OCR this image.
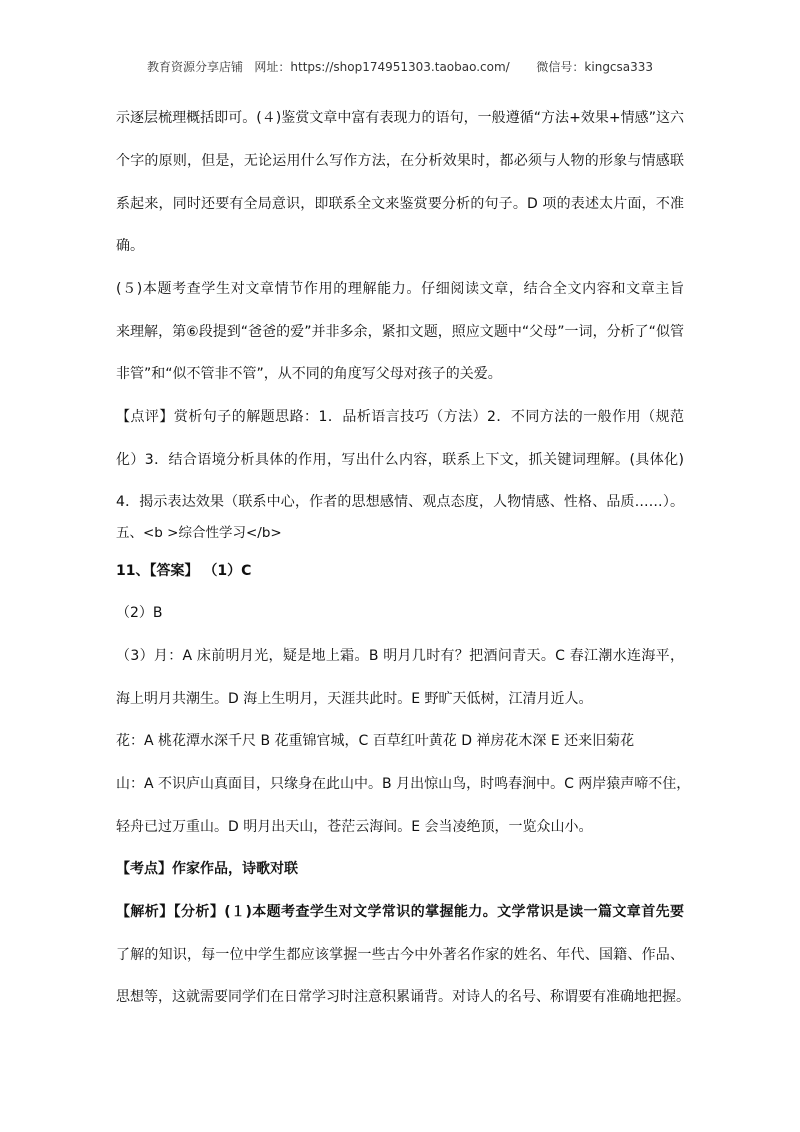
教育资源分享店铺   网址：https://shop174951303.taobao.com/       微信号：kingcsa333
示逐层梳理概括即可。(４)鉴赏文章中富有表现力的语句，一般遵循“方法+效果+情感”这六
个字的原则，但是，无论运用什么写作方法，在分析效果时，都必须与人物的形象与情感联
系起来，同时还要有全局意识，即联系全文来鉴赏要分析的句子。D 项的表述太片面，不准
确。
(５)本题考查学生对文章情节作用的理解能力。仔细阅读文章，结合全文内容和文章主旨
来理解，第⑥段提到“爸爸的爱”并非多余，紧扣文题，照应文题中“父母”一词，分析了“似管
非管”和“似不管非不管”，从不同的角度写父母对孩子的关爱。
【点评】赏析句子的解题思路：1．品析语言技巧（方法）2．不同方法的一般作用（规范
化）3．结合语境分析具体的作用，写出什么内容，联系上下文，抓关键词理解。(具体化)
4．揭示表达效果（联系中心，作者的思想感情、观点态度，人物情感、性格、品质……）。
五、<b >综合性学习</b>
11、【答案】 （1）C
（2）B
（3）月：A 床前明月光，疑是地上霜。B 明月几时有？把酒问青天。C 春江潮水连海平，
海上明月共潮生。D 海上生明月，天涯共此时。E 野旷天低树，江清月近人。
花：A 桃花潭水深千尺 B 花重锦官城，C 百草红叶黄花 D 禅房花木深 E 还来旧菊花
山：A 不识庐山真面目，只缘身在此山中。B 月出惊山鸟，时鸣春涧中。C 两岸猿声啼不住，
轻舟已过万重山。D 明月出天山，苍茫云海间。E 会当凌绝顶，一览众山小。
【考点】作家作品，诗歌对联
【解析】【分析】(１)本题考查学生对文学常识的掌握能力。文学常识是读一篇文章首先要
了解的知识，每一位中学生都应该掌握一些古今中外著名作家的姓名、年代、国籍、作品、
思想等，这就需要同学们在日常学习时注意积累诵背。对诗人的名号、称谓要有准确地把握。
